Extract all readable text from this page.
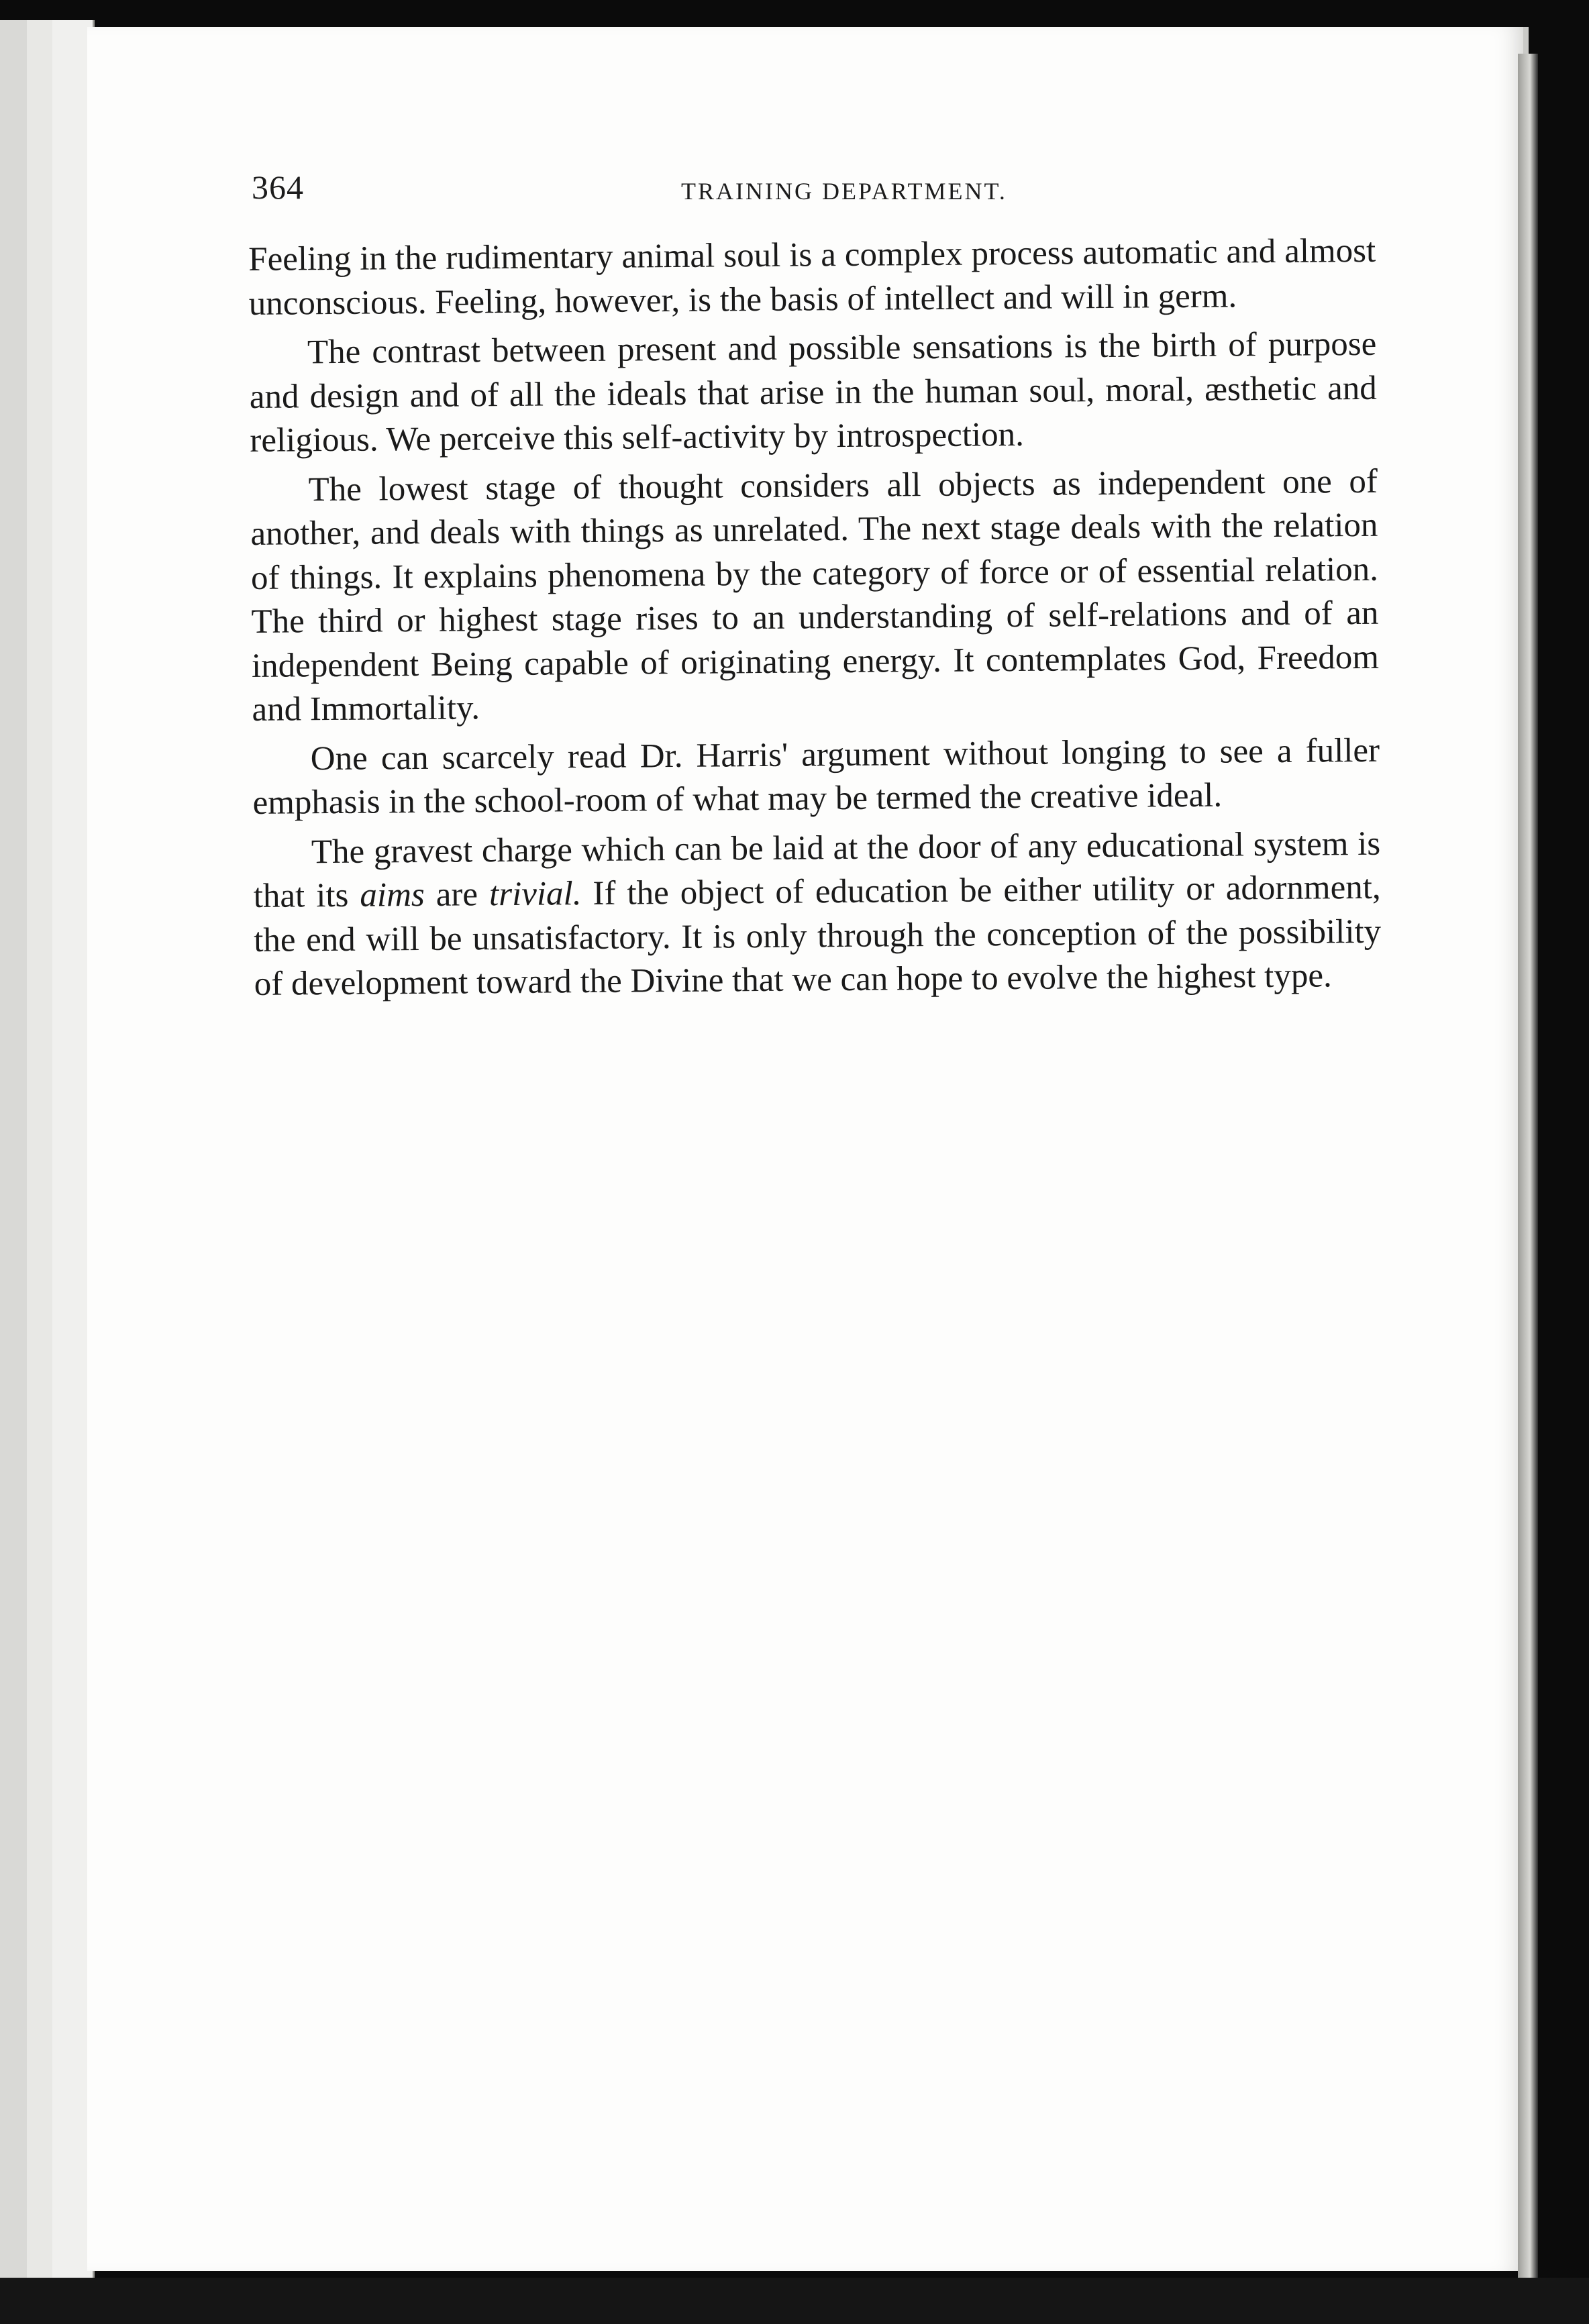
364	TRAINING DEPARTMENT.

Feeling in the rudimentary animal soul is a complex process automatic and almost unconscious. Feeling, however, is the basis of intellect and will in germ.

The contrast between present and possible sensations is the birth of purpose and design and of all the ideals that arise in the human soul, moral, æsthetic and religious. We perceive this self-activity by introspection.

The lowest stage of thought considers all objects as independent one of another, and deals with things as unrelated. The next stage deals with the relation of things. It explains phenomena by the category of force or of essential relation. The third or highest stage rises to an understanding of self-relations and of an independent Being capable of originating energy. It contemplates God, Freedom and Immortality.

One can scarcely read Dr. Harris' argument without longing to see a fuller emphasis in the school-room of what may be termed the creative ideal.

The gravest charge which can be laid at the door of any educational system is that its aims are trivial. If the object of education be either utility or adornment, the end will be unsatisfactory. It is only through the conception of the possibility of development toward the Divine that we can hope to evolve the highest type.
